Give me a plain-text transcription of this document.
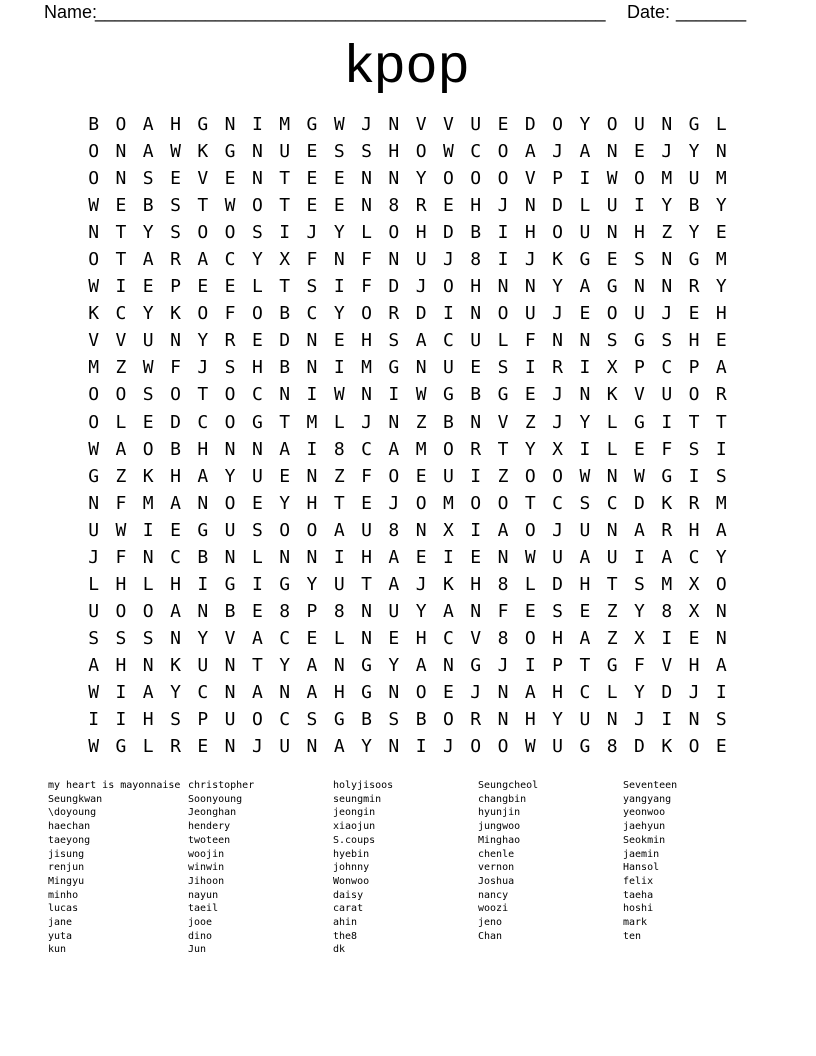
Name:
___________________________________________________ Date: _______
kpop
B O A H G N I M G W J N V V U E D O Y O U N G L
O N A W K G N U E S S H O W C O A J A N E J Y N
O N S E V E N T E E N N Y O O O V P I W O M U M
W E B S T W O T E E N 8 R E H J N D L U I Y B Y
N T Y S O O S I J Y L O H D B I H O U N H Z Y E
O T A R A C Y X F N F N U J 8 I J K G E S N G M
W I E P E E L T S I F D J O H N N Y A G N N R Y
K C Y K O F O B C Y O R D I N O U J E O U J E H
V V U N Y R E D N E H S A C U L F N N S G S H E
M Z W F J S H B N I M G N U E S I R I X P C P A
O O S O T O C N I W N I W G B G E J N K V U O R
O L E D C O G T M L J N Z B N V Z J Y L G I T T
W A O B H N N A I 8 C A M O R T Y X I L E F S I
G Z K H A Y U E N Z F O E U I Z O O W N W G I S
N F M A N O E Y H T E J O M O O T C S C D K R M
U W I E G U S O O A U 8 N X I A O J U N A R H A
J F N C B N L N N I H A E I E N W U A U I A C Y
L H L H I G I G Y U T A J K H 8 L D H T S M X O
U O O A N B E 8 P 8 N U Y A N F E S E Z Y 8 X N
S S S N Y V A C E L N E H C V 8 O H A Z X I E N
A H N K U N T Y A N G Y A N G J I P T G F V H A
W I A Y C N A N A H G N O E J N A H C L Y D J I
I I H S P U O C S G B S B O R N H Y U N J I N S
W G L R E N J U N A Y N I J O O W U G 8 D K O E
my heart is mayonnaise
Seungkwan
\doyoung
haechan
taeyong
jisung
renjun
Mingyu
minho
lucas
jane
yuta
kun
christopher
Soonyoung
Jeonghan
hendery
twoteen
woojin
winwin
Jihoon
nayun
taeil
jooe
dino
Jun
holyjisoos
seungmin
jeongin
xiaojun
S.coups
hyebin
johnny
Wonwoo
daisy
carat
ahin
the8
dk
Seungcheol
changbin
hyunjin
jungwoo
Minghao
chenle
vernon
Joshua
nancy
woozi
jeno
Chan
Seventeen
yangyang
yeonwoo
jaehyun
Seokmin
jaemin
Hansol
felix
taeha
hoshi
mark
ten
